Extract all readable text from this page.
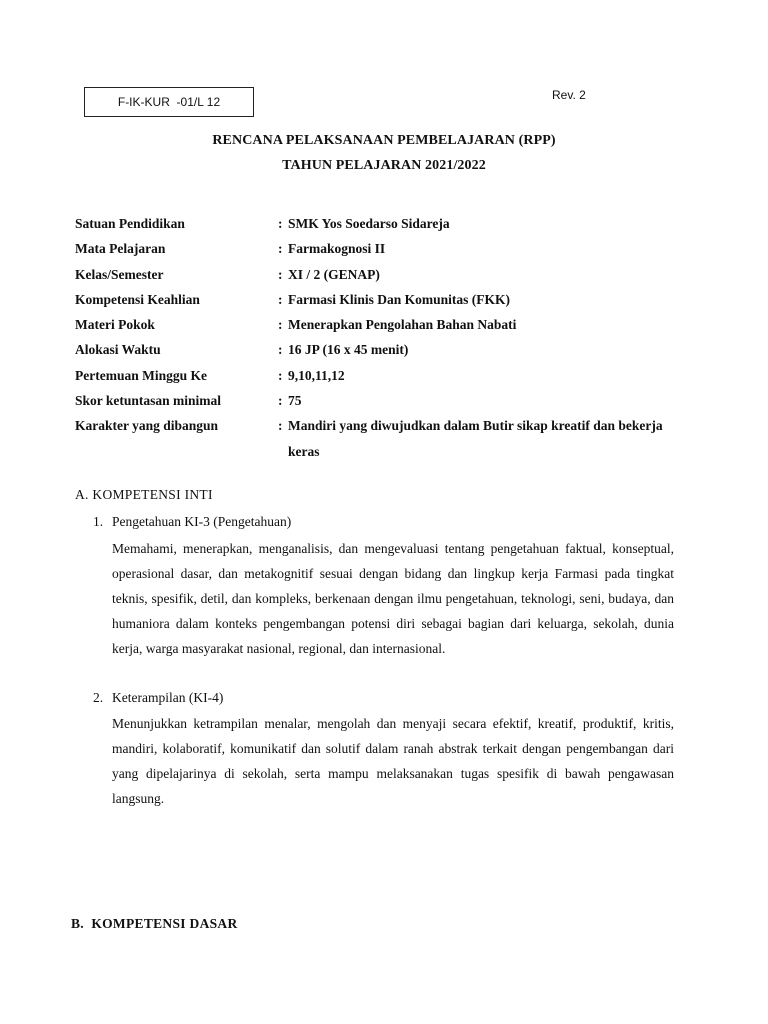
F-IK-KUR  -01/L 12	Rev. 2
RENCANA PELAKSANAAN PEMBELAJARAN (RPP)
TAHUN PELAJARAN 2021/2022
Satuan Pendidikan	: SMK Yos Soedarso Sidareja
Mata Pelajaran	: Farmakognosi II
Kelas/Semester	: XI / 2 (GENAP)
Kompetensi Keahlian	: Farmasi Klinis Dan Komunitas (FKK)
Materi Pokok	: Menerapkan Pengolahan Bahan Nabati
Alokasi Waktu	: 16 JP (16 x 45 menit)
Pertemuan Minggu Ke	: 9,10,11,12
Skor ketuntasan minimal	: 75
Karakter yang dibangun	: Mandiri yang diwujudkan dalam Butir sikap kreatif dan bekerja keras
A. KOMPETENSI INTI
1. Pengetahuan KI-3 (Pengetahuan)
Memahami, menerapkan, menganalisis, dan mengevaluasi tentang pengetahuan faktual, konseptual, operasional dasar, dan metakognitif sesuai dengan bidang dan lingkup kerja Farmasi pada tingkat teknis, spesifik, detil, dan kompleks, berkenaan dengan ilmu pengetahuan, teknologi, seni, budaya, dan humaniora dalam konteks pengembangan potensi diri sebagai bagian dari keluarga, sekolah, dunia kerja, warga masyarakat nasional, regional, dan internasional.
2. Keterampilan (KI-4)
Menunjukkan ketrampilan menalar, mengolah dan menyaji secara efektif, kreatif, produktif, kritis, mandiri, kolaboratif, komunikatif dan solutif dalam ranah abstrak terkait dengan pengembangan dari yang dipelajarinya di sekolah, serta mampu melaksanakan tugas spesifik di bawah pengawasan langsung.
B.  KOMPETENSI DASAR
